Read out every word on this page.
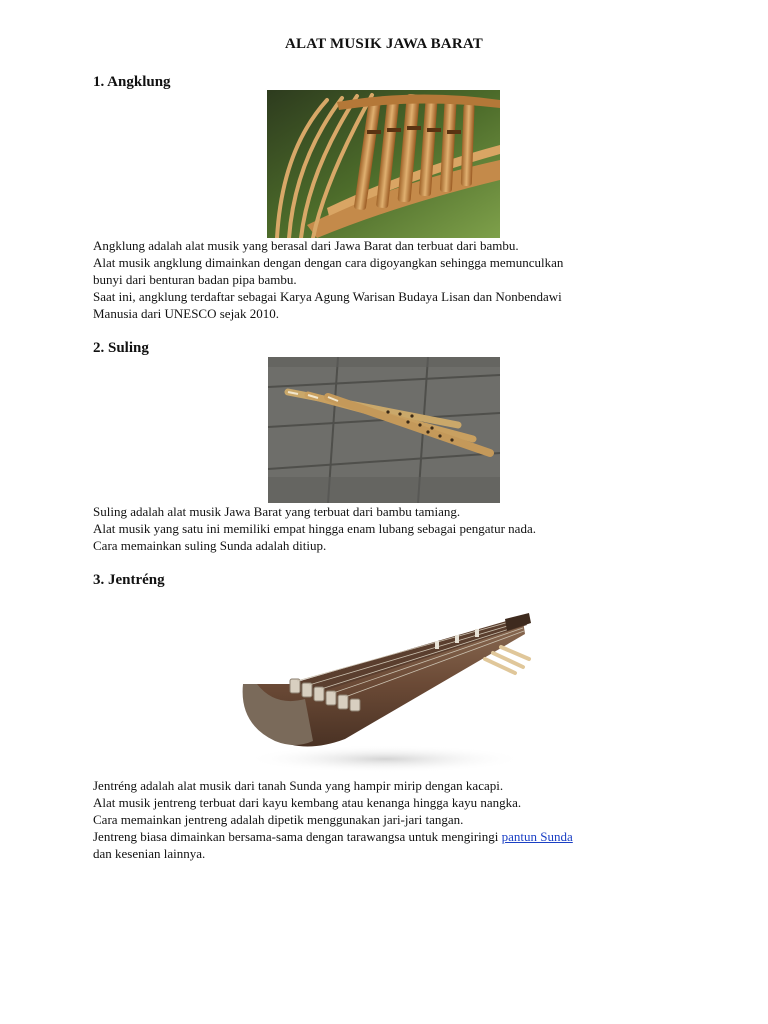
ALAT MUSIK JAWA BARAT
1. Angklung
Angklung adalah alat musik yang berasal dari Jawa Barat dan terbuat dari bambu.
Alat musik angklung dimainkan dengan dengan cara digoyangkan sehingga memunculkan
bunyi dari benturan badan pipa bambu.
Saat ini, angklung terdaftar sebagai Karya Agung Warisan Budaya Lisan dan Nonbendawi
Manusia dari UNESCO sejak 2010.
2. Suling
Suling adalah alat musik Jawa Barat yang terbuat dari bambu tamiang.
Alat musik yang satu ini memiliki empat hingga enam lubang sebagai pengatur nada.
Cara memainkan suling Sunda adalah ditiup.
3. Jentréng
Jentréng adalah alat musik dari tanah Sunda yang hampir mirip dengan kacapi.
Alat musik jentreng terbuat dari kayu kembang atau kenanga hingga kayu nangka.
Cara memainkan jentreng adalah dipetik menggunakan jari-jari tangan.
Jentreng biasa dimainkan bersama-sama dengan tarawangsa untuk mengiringi pantun Sunda
dan kesenian lainnya.
